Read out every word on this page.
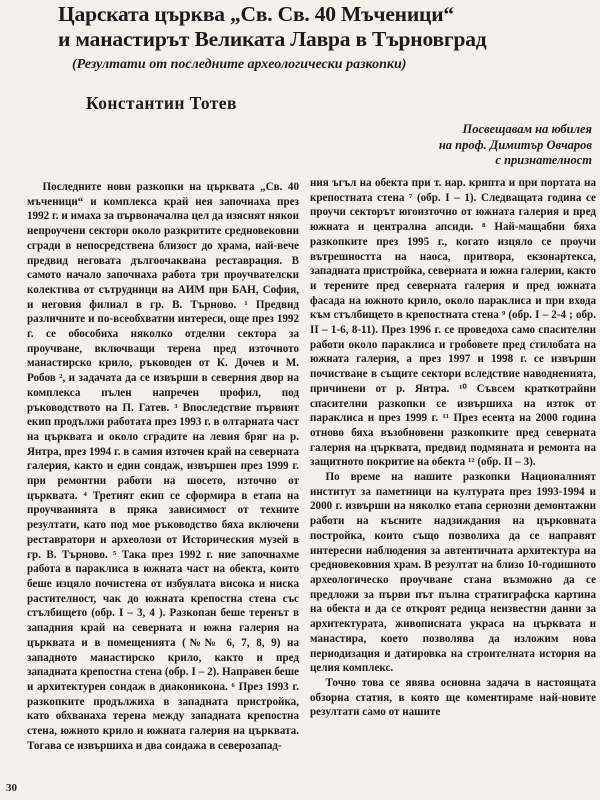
Царската църква „Св. Св. 40 Мъченици“
и манастирът Великата Лавра в Търновград
(Резултати от последните археологически разкопки)
Константин Тотев
Посвещавам на юбилея
на проф. Димитър Овчаров
с признателност

Последните нови разкопки на църквата „Св. 40 мъченици“ и комплекса край нея започнаха през 1992 г. и имаха за първоначална цел да изяснят някои непроучени сектори около разкритите средновековни сгради в непосредствена близост до храма, най-вече предвид неговата дългоочаквана реставрация. В самото начало започнаха работа три проучвателски колектива от сътрудници на АИМ при БАН, София, и неговия филиал в гр. В. Търново. ¹ Предвид различните и по-всеобхватни интереси, още през 1992 г. се обособиха няколко отделни сектора за проучване, включващи терена пред източното манастирско крило, ръководен от К. Дочев и М. Робов ², и задачата да се извърши в северния двор на комплекса пълен напречен профил, под ръководството на П. Гатев. ³ Впоследствие първият екип продължи работата през 1993 г. в олтарната част на църквата и около сградите на левия бряг на р. Янтра, през 1994 г. в самия източен край на северната галерия, както и един сондаж, извършен през 1999 г. при ремонтни работи на шосето, източно от църквата. ⁴ Третият екип се сформира в етапа на проучванията в пряка зависимост от техните резултати, като под мое ръководство бяха включени реставратори и археолози от Историческия музей в гр. В. Търново. ⁵ Така през 1992 г. ние започнахме работа в параклиса в южната част на обекта, които беше изцяло почистена от избуялата висока и ниска растителност, чак до южната крепостна стена със стълбището (обр. I – 3, 4 ). Разкопан беше теренът в западния край на северната и южна галерия на църквата и в помещенията (№№ 6, 7, 8, 9) на западното манастирско крило, както и пред западната крепостна стена (обр. I – 2). Направен беше и архитектурен сондаж в диаконикона. ⁶ През 1993 г. разкопките продължиха в западната пристройка, като обхванаха терена между западната крепостна стена, южното крило и южната галерия на църквата. Тогава се извършиха и два сондажа в северозапад-

ния ъгъл на обекта при т. нар. крипта и при портата на крепостната стена ⁷ (обр. I – 1). Следващата година се проучи секторът югоизточно от южната галерия и пред южната и централна апсиди. ⁸ Най-мащабни бяха разкопките през 1995 г., когато изцяло се проучи вътрешността на наоса, притвора, екзонартекса, западната пристройка, северната и южна галерии, както и терените пред северната галерия и пред южната фасада на южното крило, около параклиса и при входа към стълбището в крепостната стена ⁹ (обр. I – 2-4 ; обр. II – 1-6, 8-11). През 1996 г. се проведоха само спасителни работи около параклиса и гробовете пред стилобата на южната галерия, а през 1997 и 1998 г. се извърши почистване в същите сектори вследствие наводненията, причинени от р. Янтра. ¹⁰ Съвсем краткотрайни спасителни разкопки се извършиха на изток от параклиса и през 1999 г. ¹¹ През есента на 2000 година отново бяха възобновени разкопките пред северната галерия на църквата, предвид подмяната и ремонта на защитното покритие на обекта ¹² (обр. II – 3).

По време на нашите разкопки Националният институт за паметници на културата през 1993-1994 и 2000 г. извърши на няколко етапа сериозни демонтажни работи на късните надзиждания на църковната постройка, които също позволиха да се направят интересни наблюдения за автентичната архитектура на средновековния храм. В резултат на близо 10-годишното археологическо проучване стана възможно да се предложи за първи път пълна стратиграфска картина на обекта и да се откроят редица неизвестни данни за архитектурата, живописната украса на църквата и манастира, което позволява да изложим нова периодизация и датировка на строителната история на целия комплекс.

Точно това се явява основна задача в настоящата обзорна статия, в която ще коментираме най-новите резултати само от нашите

30
